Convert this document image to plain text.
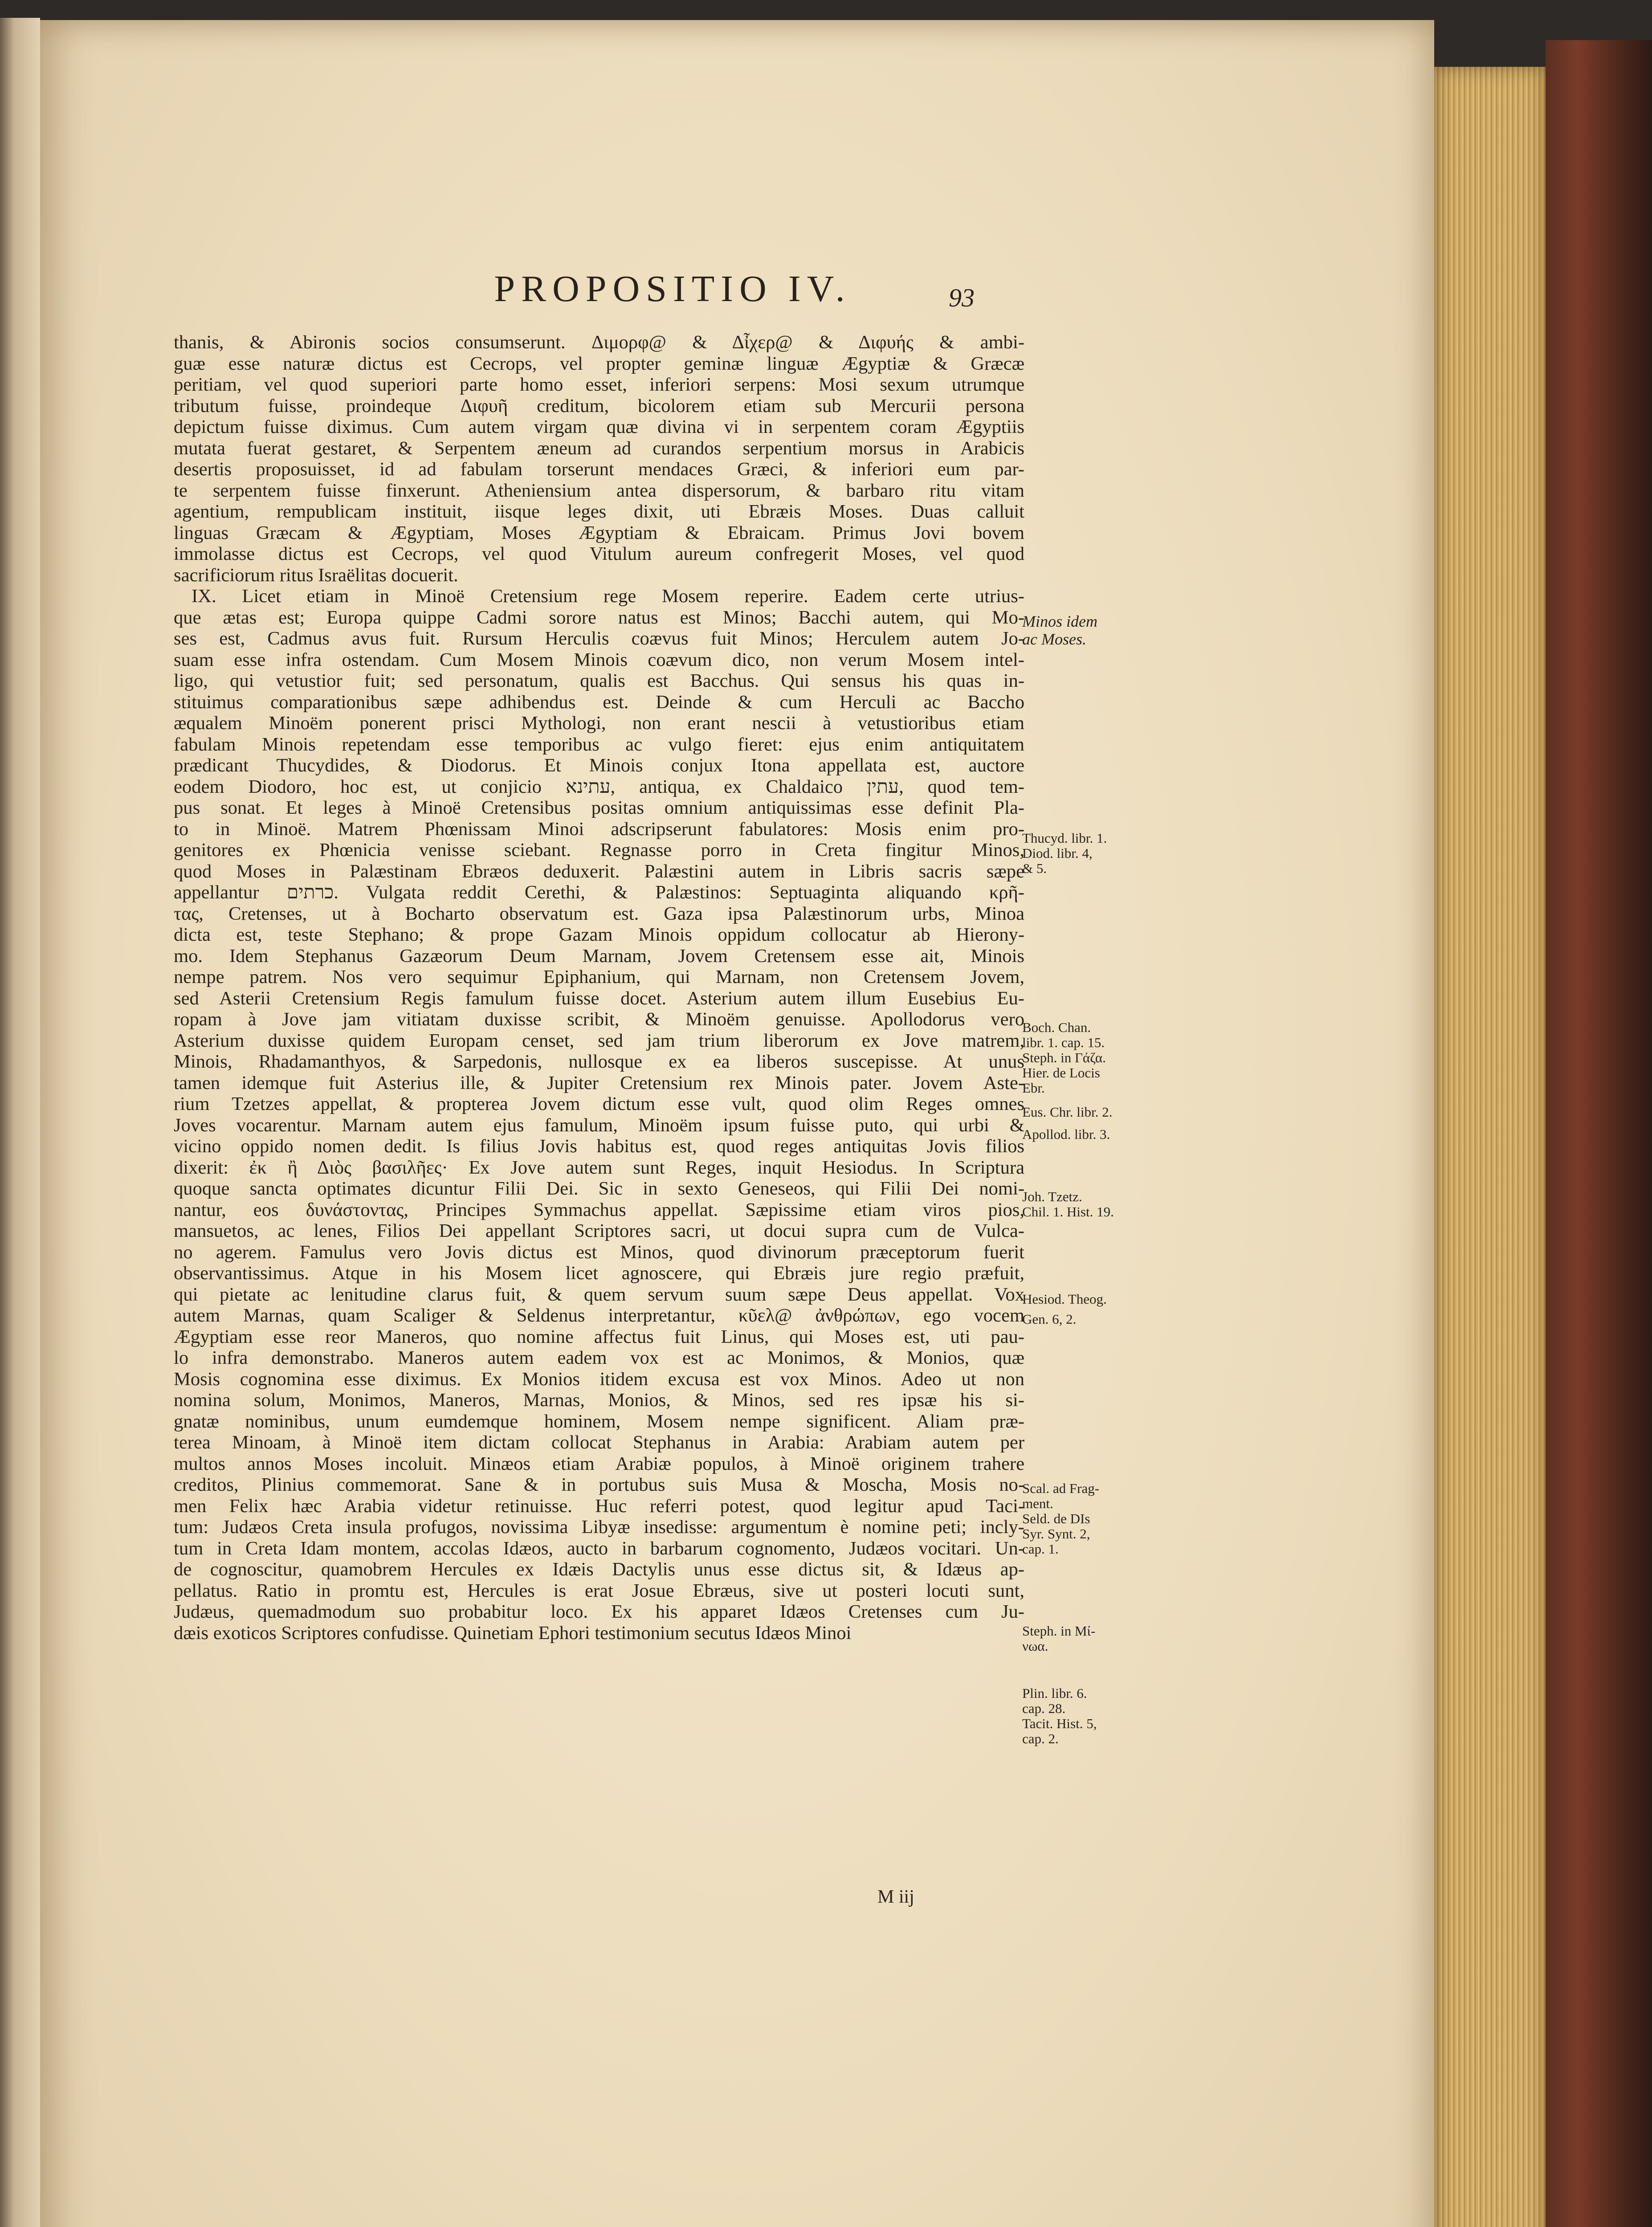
PROPOSITIO IV.	93
thanis, & Abironis socios consumserunt. Διμορφ@ & Δἶχερ@ & Διφυής & ambi-
guæ esse naturæ dictus est Cecrops, vel propter geminæ linguæ Ægyptiæ & Græcæ
peritiam, vel quod superiori parte homo esset, inferiori serpens: Mosi sexum utrumque
tributum fuisse, proindeque Διφυῆ creditum, bicolorem etiam sub Mercurii persona
depictum fuisse diximus. Cum autem virgam quæ divina vi in serpentem coram Ægyptiis
mutata fuerat gestaret, & Serpentem æneum ad curandos serpentium morsus in Arabicis
desertis proposuisset, id ad fabulam torserunt mendaces Græci, & inferiori eum par-
te serpentem fuisse finxerunt. Atheniensium antea dispersorum, & barbaro ritu vitam
agentium, rempublicam instituit, iisque leges dixit, uti Ebræis Moses. Duas calluit
linguas Græcam & Ægyptiam, Moses Ægyptiam & Ebraicam. Primus Jovi bovem
immolasse dictus est Cecrops, vel quod Vitulum aureum confregerit Moses, vel quod
sacrificiorum ritus Israëlitas docuerit.
IX. Licet etiam in Minoë Cretensium rege Mosem reperire. Eadem certe utrius-
que ætas est; Europa quippe Cadmi sorore natus est Minos; Bacchi autem, qui Mo-
ses est, Cadmus avus fuit. Rursum Herculis coævus fuit Minos; Herculem autem Jo-
suam esse infra ostendam. Cum Mosem Minois coævum dico, non verum Mosem intel-
ligo, qui vetustior fuit; sed personatum, qualis est Bacchus. Qui sensus his quas in-
stituimus comparationibus sæpe adhibendus est. Deinde & cum Herculi ac Baccho
æqualem Minoëm ponerent prisci Mythologi, non erant nescii à vetustioribus etiam
fabulam Minois repetendam esse temporibus ac vulgo fieret: ejus enim antiquitatem
prædicant Thucydides, & Diodorus. Et Minois conjux Itona appellata est, auctore
eodem Diodoro, hoc est, ut conjicio עתינא, antiqua, ex Chaldaico עתין, quod tem-
pus sonat. Et leges à Minoë Cretensibus positas omnium antiquissimas esse definit Pla-
to in Minoë. Matrem Phœnissam Minoi adscripserunt fabulatores: Mosis enim pro-
genitores ex Phœnicia venisse sciebant. Regnasse porro in Creta fingitur Minos,
quod Moses in Palæstinam Ebræos deduxerit. Palæstini autem in Libris sacris sæpe
appellantur כרתים. Vulgata reddit Cerethi, & Palæstinos: Septuaginta aliquando κρῆ-
τας, Cretenses, ut à Bocharto observatum est. Gaza ipsa Palæstinorum urbs, Minoa
dicta est, teste Stephano; & prope Gazam Minois oppidum collocatur ab Hierony-
mo. Idem Stephanus Gazæorum Deum Marnam, Jovem Cretensem esse ait, Minois
nempe patrem. Nos vero sequimur Epiphanium, qui Marnam, non Cretensem Jovem,
sed Asterii Cretensium Regis famulum fuisse docet. Asterium autem illum Eusebius Eu-
ropam à Jove jam vitiatam duxisse scribit, & Minoëm genuisse. Apollodorus vero
Asterium duxisse quidem Europam censet, sed jam trium liberorum ex Jove matrem,
Minois, Rhadamanthyos, & Sarpedonis, nullosque ex ea liberos suscepisse. At unus
tamen idemque fuit Asterius ille, & Jupiter Cretensium rex Minois pater. Jovem Aste-
rium Tzetzes appellat, & propterea Jovem dictum esse vult, quod olim Reges omnes
Joves vocarentur. Marnam autem ejus famulum, Minoëm ipsum fuisse puto, qui urbi &
vicino oppido nomen dedit. Is filius Jovis habitus est, quod reges antiquitas Jovis filios
dixerit: ἐκ ἢ Διὸς βασιλῆες· Ex Jove autem sunt Reges, inquit Hesiodus. In Scriptura
quoque sancta optimates dicuntur Filii Dei. Sic in sexto Geneseos, qui Filii Dei nomi-
nantur, eos δυνάστοντας, Principes Symmachus appellat. Sæpissime etiam viros pios,
mansuetos, ac lenes, Filios Dei appellant Scriptores sacri, ut docui supra cum de Vulca-
no agerem. Famulus vero Jovis dictus est Minos, quod divinorum præceptorum fuerit
observantissimus. Atque in his Mosem licet agnoscere, qui Ebræis jure regio præfuit,
qui pietate ac lenitudine clarus fuit, & quem servum suum sæpe Deus appellat. Vox
autem Marnas, quam Scaliger & Seldenus interpretantur, κῦελ@ ἀνθρώπων, ego vocem
Ægyptiam esse reor Maneros, quo nomine affectus fuit Linus, qui Moses est, uti pau-
lo infra demonstrabo. Maneros autem eadem vox est ac Monimos, & Monios, quæ
Mosis cognomina esse diximus. Ex Monios itidem excusa est vox Minos. Adeo ut non
nomina solum, Monimos, Maneros, Marnas, Monios, & Minos, sed res ipsæ his si-
gnatæ nominibus, unum eumdemque hominem, Mosem nempe significent. Aliam præ-
terea Minoam, à Minoë item dictam collocat Stephanus in Arabia: Arabiam autem per
multos annos Moses incoluit. Minæos etiam Arabiæ populos, à Minoë originem trahere
creditos, Plinius commemorat. Sane & in portubus suis Musa & Moscha, Mosis no-
men Felix hæc Arabia videtur retinuisse. Huc referri potest, quod legitur apud Taci-
tum: Judæos Creta insula profugos, novissima Libyæ insedisse: argumentum è nomine peti; incly-
tum in Creta Idam montem, accolas Idæos, aucto in barbarum cognomento, Judæos vocitari. Un-
de cognoscitur, quamobrem Hercules ex Idæis Dactylis unus esse dictus sit, & Idæus ap-
pellatus. Ratio in promtu est, Hercules is erat Josue Ebræus, sive ut posteri locuti sunt,
Judæus, quemadmodum suo probabitur loco. Ex his apparet Idæos Cretenses cum Ju-
dæis exoticos Scriptores confudisse. Quinetiam Ephori testimonium secutus Idæos Minoi
Minos idem
ac Moses.
Thucyd. libr. 1.
Diod. libr. 4,
& 5.
Boch. Chan.
libr. 1. cap. 15.
Steph. in Γάζα.
Hier. de Locis
Ebr.
Eus. Chr. libr. 2.
Apollod. libr. 3.
Joh. Tzetz.
Chil. 1. Hist. 19.
Hesiod. Theog.
Gen. 6, 2.
Scal. ad Frag-
ment.
Seld. de DIs
Syr. Synt. 2,
cap. 1.
Steph. in Μί-
νωα.
Plin. libr. 6.
cap. 28.
Tacit. Hist. 5,
cap. 2.
M iij
